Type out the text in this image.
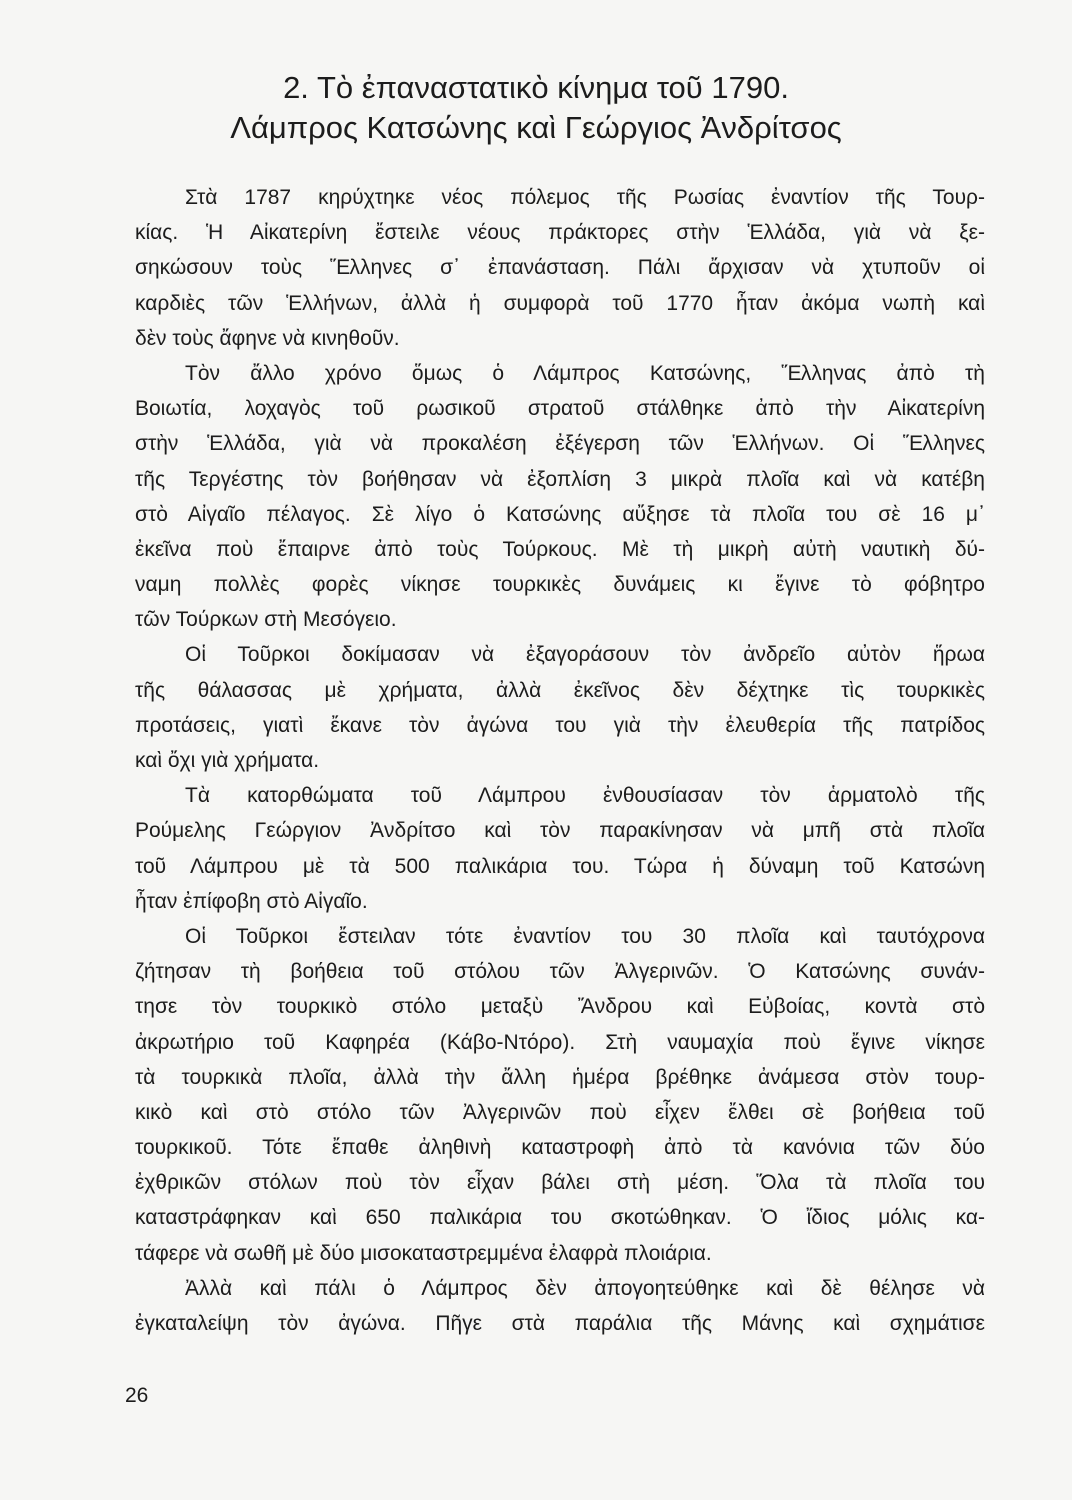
2. Τὸ ἐπαναστατικὸ κίνημα τοῦ 1790.
Λάμπρος Κατσώνης καὶ Γεώργιος Ἀνδρίτσος
Στὰ 1787 κηρύχτηκε νέος πόλεμος τῆς Ρωσίας ἐναντίον τῆς Τουρ-
κίας. Ἡ Αἰκατερίνη ἔστειλε νέους πράκτορες στὴν Ἑλλάδα, γιὰ νὰ ξε-
σηκώσουν τοὺς Ἕλληνες σ᾽ ἐπανάσταση. Πάλι ἄρχισαν νὰ χτυποῦν οἱ
καρδιὲς τῶν Ἑλλήνων, ἀλλὰ ἡ συμφορὰ τοῦ 1770 ἦταν ἀκόμα νωπὴ καὶ
δὲν τοὺς ἄφηνε νὰ κινηθοῦν.
Τὸν ἄλλο χρόνο ὅμως ὁ Λάμπρος Κατσώνης, Ἕλληνας ἀπὸ τὴ
Βοιωτία, λοχαγὸς τοῦ ρωσικοῦ στρατοῦ στάλθηκε ἀπὸ τὴν Αἰκατερίνη
στὴν Ἑλλάδα, γιὰ νὰ προκαλέση ἐξέγερση τῶν Ἑλλήνων. Οἱ Ἕλληνες
τῆς Τεργέστης τὸν βοήθησαν νὰ ἐξοπλίση 3 μικρὰ πλοῖα καὶ νὰ κατέβη
στὸ Αἰγαῖο πέλαγος. Σὲ λίγο ὁ Κατσώνης αὔξησε τὰ πλοῖα του σὲ 16 μ᾽
ἐκεῖνα ποὺ ἔπαιρνε ἀπὸ τοὺς Τούρκους. Μὲ τὴ μικρὴ αὐτὴ ναυτικὴ δύ-
ναμη πολλὲς φορὲς νίκησε τουρκικὲς δυνάμεις κι ἔγινε τὸ φόβητρο
τῶν Τούρκων στὴ Μεσόγειο.
Οἱ Τοῦρκοι δοκίμασαν νὰ ἐξαγοράσουν τὸν ἀνδρεῖο αὐτὸν ἥρωα
τῆς θάλασσας μὲ χρήματα, ἀλλὰ ἐκεῖνος δὲν δέχτηκε τὶς τουρκικὲς
προτάσεις, γιατὶ ἔκανε τὸν ἀγώνα του γιὰ τὴν ἐλευθερία τῆς πατρίδος
καὶ ὄχι γιὰ χρήματα.
Τὰ κατορθώματα τοῦ Λάμπρου ἐνθουσίασαν τὸν ἁρματολὸ τῆς
Ρούμελης Γεώργιον Ἀνδρίτσο καὶ τὸν παρακίνησαν νὰ μπῆ στὰ πλοῖα
τοῦ Λάμπρου μὲ τὰ 500 παλικάρια του. Τώρα ἡ δύναμη τοῦ Κατσώνη
ἦταν ἐπίφοβη στὸ Αἰγαῖο.
Οἱ Τοῦρκοι ἔστειλαν τότε ἐναντίον του 30 πλοῖα καὶ ταυτόχρονα
ζήτησαν τὴ βοήθεια τοῦ στόλου τῶν Ἀλγερινῶν. Ὁ Κατσώνης συνάν-
τησε τὸν τουρκικὸ στόλο μεταξὺ Ἄνδρου καὶ Εὐβοίας, κοντὰ στὸ
ἀκρωτήριο τοῦ Καφηρέα (Κάβο-Ντόρο). Στὴ ναυμαχία ποὺ ἔγινε νίκησε
τὰ τουρκικὰ πλοῖα, ἀλλὰ τὴν ἄλλη ἡμέρα βρέθηκε ἀνάμεσα στὸν τουρ-
κικὸ καὶ στὸ στόλο τῶν Ἀλγερινῶν ποὺ εἶχεν ἔλθει σὲ βοήθεια τοῦ
τουρκικοῦ. Τότε ἔπαθε ἀληθινὴ καταστροφὴ ἀπὸ τὰ κανόνια τῶν δύο
ἐχθρικῶν στόλων ποὺ τὸν εἶχαν βάλει στὴ μέση. Ὅλα τὰ πλοῖα του
καταστράφηκαν καὶ 650 παλικάρια του σκοτώθηκαν. Ὁ ἴδιος μόλις κα-
τάφερε νὰ σωθῆ μὲ δύο μισοκαταστρεμμένα ἐλαφρὰ πλοιάρια.
Ἀλλὰ καὶ πάλι ὁ Λάμπρος δὲν ἀπογοητεύθηκε καὶ δὲ θέλησε νὰ
ἐγκαταλείψη τὸν ἀγώνα. Πῆγε στὰ παράλια τῆς Μάνης καὶ σχημάτισε
26
